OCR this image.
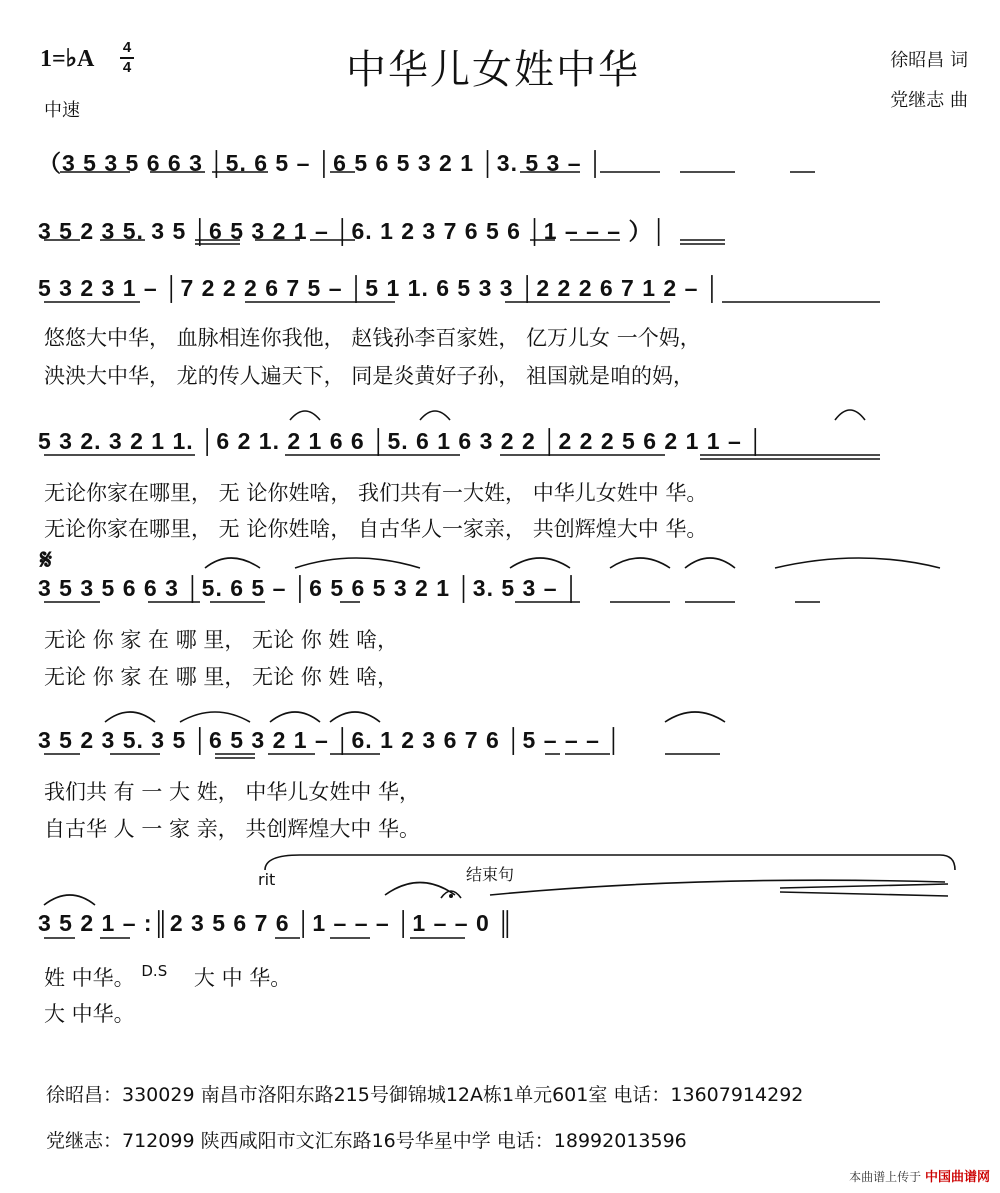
1=♭A 4
4
中速
中华儿女姓中华	徐昭昌 词
党继志 曲
（3 5 3 5 6 6 3 │5. 6 5 – │6 5 6 5 3 2 1 │3. 5 3 – │
3 5 2 3 5. 3 5 │6 5 3 2 1 – │6. 1 2 3 7 6 5 6 │1 – – – ）│
5 3 2 3 1 – │7 2 2 2 6 7 5 – │5 1 1. 6 5 3 3 │2 2 2 6 7 1 2 – │
悠悠大中华， 血脉相连你我他， 赵钱孙李百家姓， 亿万儿女 一个妈，
泱泱大中华， 龙的传人遍天下， 同是炎黄好子孙， 祖国就是咱的妈，
5 3 2. 3 2 1 1. │6 2 1. 2 1 6 6 │5. 6 1 6 3 2 2 │2 2 2 5 6 2 1 1 – │
无论你家在哪里， 无 论你姓啥， 我们共有一大姓， 中华儿女姓中 华。
无论你家在哪里， 无 论你姓啥， 自古华人一家亲， 共创辉煌大中 华。
𝄋
3 5 3 5 6 6 3 │5. 6 5 – │6 5 6 5 3 2 1 │3. 5 3 – │
无论 你 家 在 哪 里， 无论 你 姓 啥，
无论 你 家 在 哪 里， 无论 你 姓 啥，
3 5 2 3 5. 3 5 │6 5 3 2 1 – │6. 1 2 3 6 7 6 │5 – – – │
我们共 有 一 大 姓， 中华儿女姓中 华，
自古华 人 一 家 亲， 共创辉煌大中 华。
rit	结束句
3 5 2 1 – :║2 3 5 6 7 6 │1 – – – │1 – – 0 ║
姓 中华。 $^{D.S}$ 大 中 华。
大 中华。
徐昭昌：330029 南昌市洛阳东路215号御锦城12A栋1单元601室 电话：13607914292
党继志：712099 陕西咸阳市文汇东路16号华星中学 电话：18992013596
本曲谱上传于 中国曲谱网
